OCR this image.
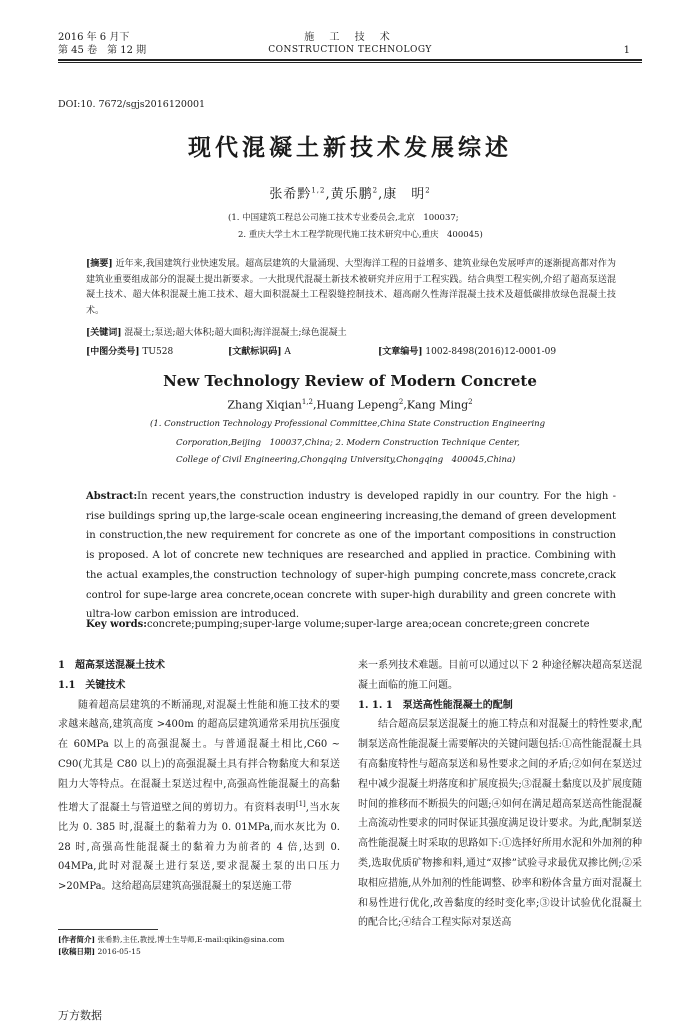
2016 年 6 月下
第 45 卷　第 12 期
施 工 技 术
CONSTRUCTION TECHNOLOGY	1
DOI:10. 7672/sgjs2016120001
现代混凝土新技术发展综述
张希黔$^{1,2}$,黄乐鹏$^2$,康　明$^2$
(1. 中国建筑工程总公司施工技术专业委员会,北京　100037;
2. 重庆大学土木工程学院现代施工技术研究中心,重庆　400045)
[摘要] 近年来,我国建筑行业快速发展。超高层建筑的大量涌现、大型海洋工程的日益增多、建筑业绿色发展呼声的逐渐提高都对作为建筑业重要组成部分的混凝土提出新要求。一大批现代混凝土新技术被研究并应用于工程实践。结合典型工程实例,介绍了超高泵送混凝土技术、超大体积混凝土施工技术、超大面积混凝土工程裂缝控制技术、超高耐久性海洋混凝土技术及超低碳排放绿色混凝土技术。
[关键词] 混凝土;泵送;超大体积;超大面积;海洋混凝土;绿色混凝土
[中图分类号] TU528	[文献标识码] A	[文章编号] 1002-8498(2016)12-0001-09
New Technology Review of Modern Concrete
Zhang Xiqian$^{1,2}$,Huang Lepeng$^2$,Kang Ming$^2$
(1. Construction Technology Professional Committee,China State Construction Engineering
Corporation,Beijing　100037,China; 2. Modern Construction Technique Center,
College of Civil Engineering,Chongqing University,Chongqing　400045,China)
Abstract:In recent years,the construction industry is developed rapidly in our country. For the high - rise buildings spring up,the large-scale ocean engineering increasing,the demand of green development in construction,the new requirement for concrete as one of the important compositions in construction is proposed. A lot of concrete new techniques are researched and applied in practice. Combining with the actual examples,the construction technology of super-high pumping concrete,mass concrete,crack control for supe-large area concrete,ocean concrete with super-high durability and green concrete with ultra-low carbon emission are introduced.
Key words:concrete;pumping;super-large volume;super-large area;ocean concrete;green concrete
1　超高泵送混凝土技术
1.1　关键技术
随着超高层建筑的不断涌现,对混凝土性能和施工技术的要求越来越高,建筑高度 >400m 的超高层建筑通常采用抗压强度在 60MPa 以上的高强混凝土。与普通混凝土相比,C60 ~ C90(尤其是 C80 以上)的高强混凝土具有拌合物黏度大和泵送阻力大等特点。在混凝土泵送过程中,高强高性能混凝土的高黏性增大了混凝土与管道壁之间的剪切力。有资料表明[1],当水灰比为 0. 385 时,混凝土的黏着力为 0. 01MPa,而水灰比为 0. 28 时,高强高性能混凝土的黏着力为前者的 4 倍,达到 0. 04MPa,此时对混凝土进行泵送,要求混凝土泵的出口压力 >20MPa。这给超高层建筑高强混凝土的泵送施工带
来一系列技术难题。目前可以通过以下 2 种途径解决超高泵送混凝土面临的施工问题。
1. 1. 1　泵送高性能混凝土的配制
结合超高层泵送混凝土的施工特点和对混凝土的特性要求,配制泵送高性能混凝土需要解决的关键问题包括:①高性能混凝土具有高黏度特性与超高泵送和易性要求之间的矛盾;②如何在泵送过程中减少混凝土坍落度和扩展度损失;③混凝土黏度以及扩展度随时间的推移而不断损失的问题;④如何在满足超高泵送高性能混凝土高流动性要求的同时保证其强度满足设计要求。为此,配制泵送高性能混凝土时采取的思路如下:①选择好所用水泥和外加剂的种类,选取优质矿物掺和料,通过“双掺”试验寻求最优双掺比例;②采取相应措施,从外加剂的性能调整、砂率和粉体含量方面对混凝土和易性进行优化,改善黏度的经时变化率;③设计试验优化混凝土的配合比;④结合工程实际对泵送高
[作者简介] 张希黔,主任,教授,博士生导师,E-mail:qikin@sina.com
[收稿日期] 2016-05-15
万方数据
